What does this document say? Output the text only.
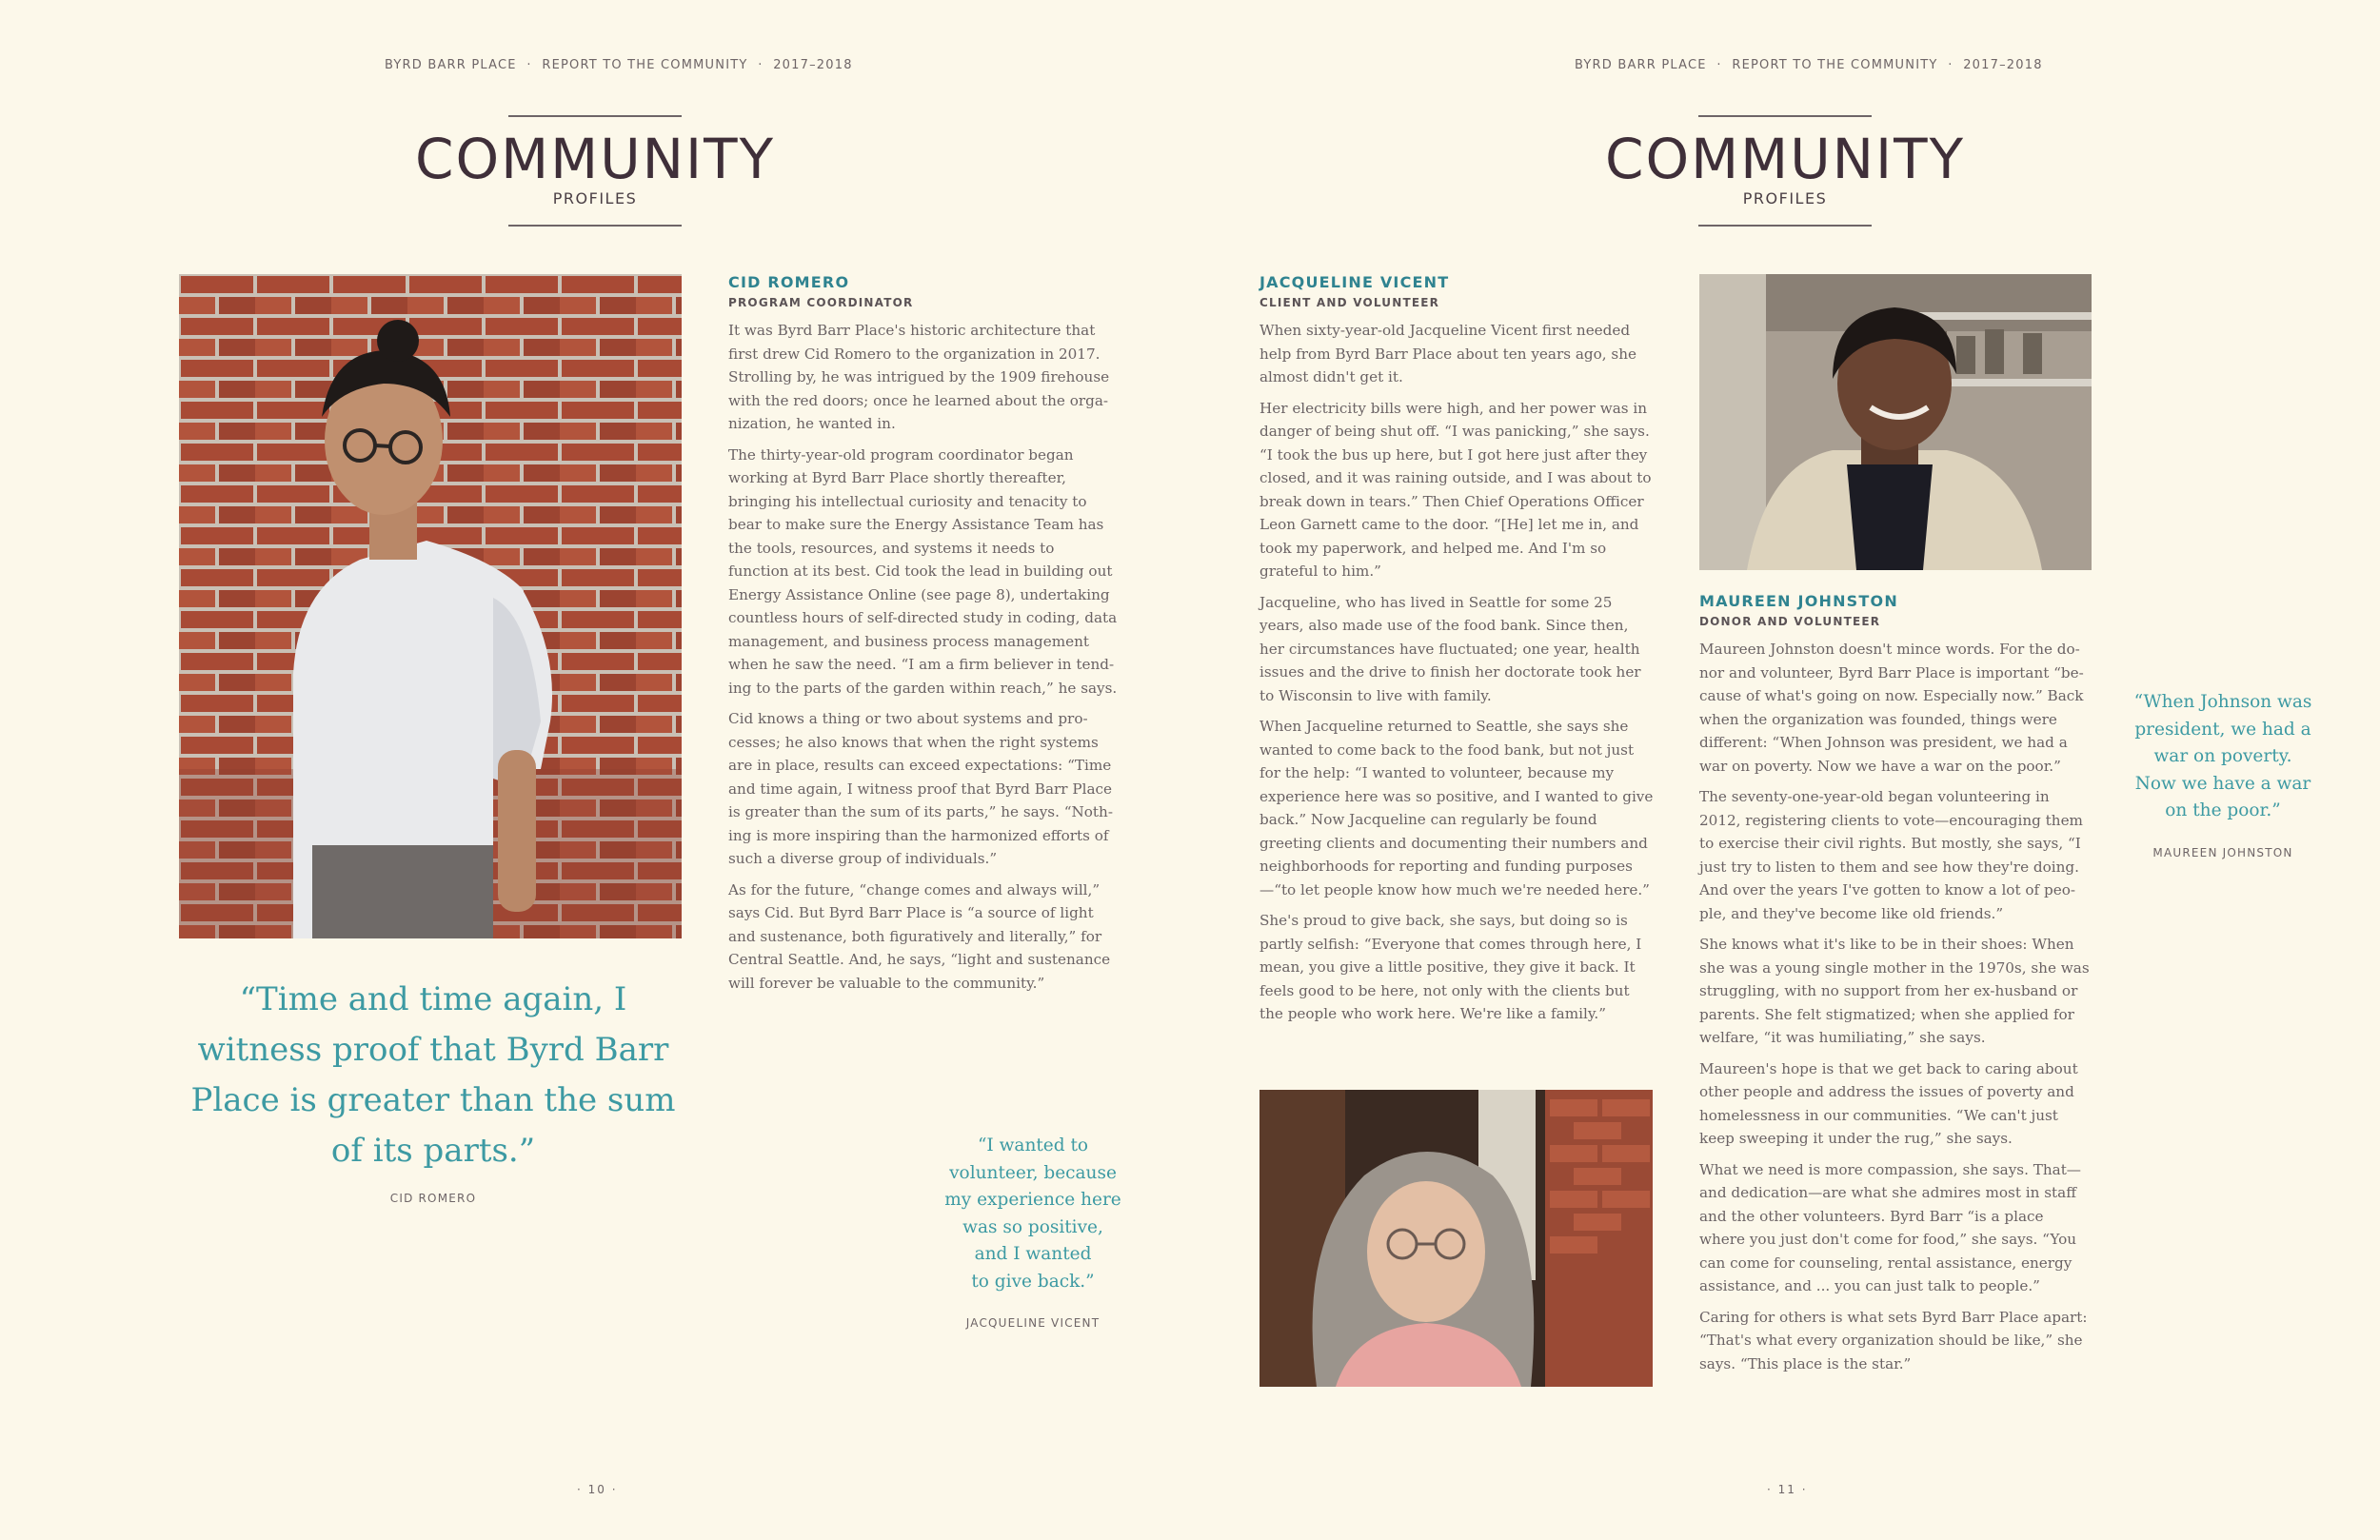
BYRD BARR PLACE · REPORT TO THE COMMUNITY · 2017–2018
COMMUNITY
PROFILES
CID ROMERO
PROGRAM COORDINATOR

It was Byrd Barr Place's historic architecture that first drew Cid Romero to the organization in 2017. Strolling by, he was intrigued by the 1909 firehouse with the red doors; once he learned about the organization, he wanted in.

The thirty-year-old program coordinator began working at Byrd Barr Place shortly thereafter, bringing his intellectual curiosity and tenacity to bear to make sure the Energy Assistance Team has the tools, resources, and systems it needs to function at its best. Cid took the lead in building out Energy Assistance Online (see page 8), undertaking countless hours of self-directed study in coding, data management, and business process management when he saw the need. “I am a firm believer in tending to the parts of the garden within reach,” he says.

Cid knows a thing or two about systems and processes; he also knows that when the right systems are in place, results can exceed expectations: “Time and time again, I witness proof that Byrd Barr Place is greater than the sum of its parts,” he says. “Nothing is more inspiring than the harmonized efforts of such a diverse group of individuals.”

As for the future, “change comes and always will,” says Cid. But Byrd Barr Place is “a source of light and sustenance, both figuratively and literally,” for Central Seattle. And, he says, “light and sustenance will forever be valuable to the community.”

“Time and time again, I witness proof that Byrd Barr Place is greater than the sum of its parts.”
CID ROMERO
“I wanted to
volunteer, because
my experience here
was so positive,
and I wanted
to give back.”
JACQUELINE VICENT
· 10 ·
BYRD BARR PLACE · REPORT TO THE COMMUNITY · 2017–2018
COMMUNITY
PROFILES
JACQUELINE VICENT
CLIENT AND VOLUNTEER

When sixty-year-old Jacqueline Vicent first needed help from Byrd Barr Place about ten years ago, she almost didn't get it.

Her electricity bills were high, and her power was in danger of being shut off. “I was panicking,” she says. “I took the bus up here, but I got here just after they closed, and it was raining outside, and I was about to break down in tears.” Then Chief Operations Officer Leon Garnett came to the door. “[He] let me in, and took my paperwork, and helped me. And I'm so grateful to him.”

Jacqueline, who has lived in Seattle for some 25 years, also made use of the food bank. Since then, her circumstances have fluctuated; one year, health issues and the drive to finish her doctorate took her to Wisconsin to live with family.

When Jacqueline returned to Seattle, she says she wanted to come back to the food bank, but not just for the help: “I wanted to volunteer, because my experience here was so positive, and I wanted to give back.” Now Jacqueline can regularly be found greeting clients and documenting their numbers and neighborhoods for reporting and funding purposes—“to let people know how much we're needed here.”

She's proud to give back, she says, but doing so is partly selfish: “Everyone that comes through here, I mean, you give a little positive, they give it back. It feels good to be here, not only with the clients but the people who work here. We're like a family.”

MAUREEN JOHNSTON
DONOR AND VOLUNTEER

Maureen Johnston doesn't mince words. For the donor and volunteer, Byrd Barr Place is important “because of what's going on now. Especially now.” Back when the organization was founded, things were different: “When Johnson was president, we had a war on poverty. Now we have a war on the poor.”

The seventy-one-year-old began volunteering in 2012, registering clients to vote—encouraging them to exercise their civil rights. But mostly, she says, “I just try to listen to them and see how they're doing. And over the years I've gotten to know a lot of people, and they've become like old friends.”

She knows what it's like to be in their shoes: When she was a young single mother in the 1970s, she was struggling, with no support from her ex-husband or parents. She felt stigmatized; when she applied for welfare, “it was humiliating,” she says.

Maureen's hope is that we get back to caring about other people and address the issues of poverty and homelessness in our communities. “We can't just keep sweeping it under the rug,” she says.

What we need is more compassion, she says. That—and dedication—are what she admires most in staff and the other volunteers. Byrd Barr “is a place where you just don't come for food,” she says. “You can come for counseling, rental assistance, energy assistance, and ... you can just talk to people.”

Caring for others is what sets Byrd Barr Place apart: “That's what every organization should be like,” she says. “This place is the star.”

“When Johnson was
president, we had a
war on poverty.
Now we have a war
on the poor.”
MAUREEN JOHNSTON
· 11 ·
